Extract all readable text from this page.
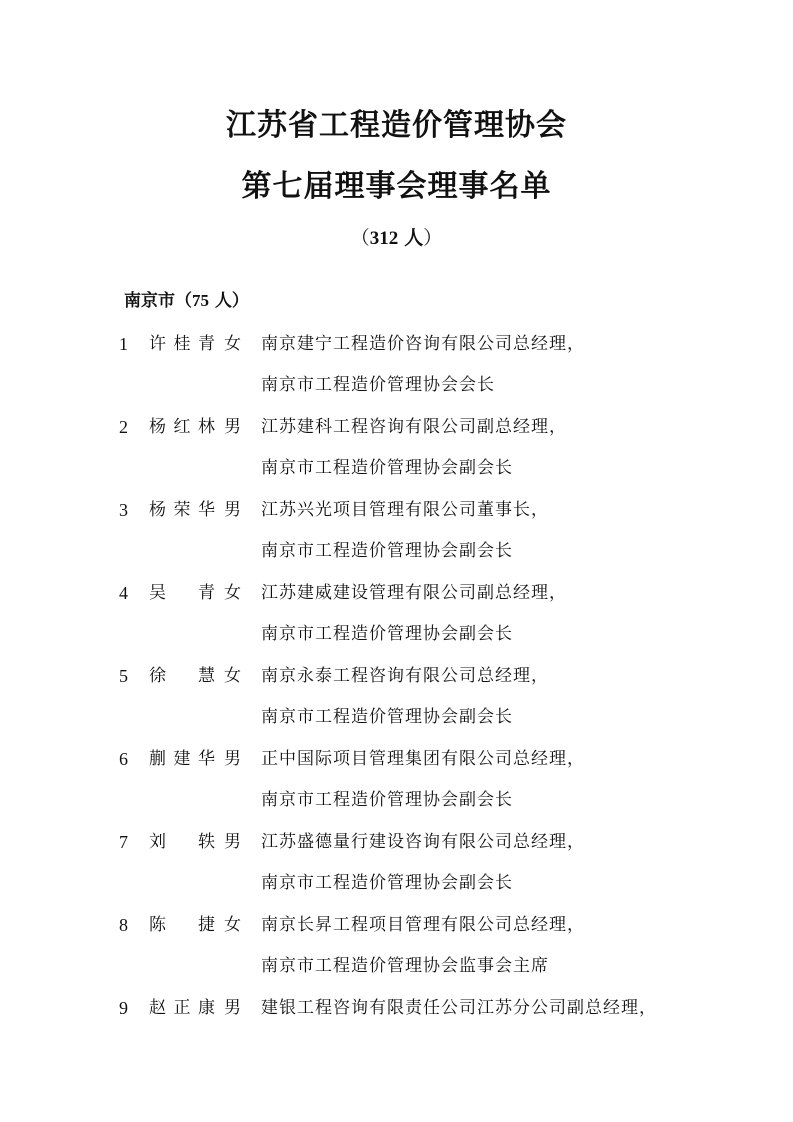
江苏省工程造价管理协会
第七届理事会理事名单
（312 人）
南京市（75 人）
1	许桂青 女 南京建宁工程造价咨询有限公司总经理，
南京市工程造价管理协会会长
2	杨红林 男 江苏建科工程咨询有限公司副总经理，
南京市工程造价管理协会副会长
3	杨荣华 男 江苏兴光项目管理有限公司董事长，
南京市工程造价管理协会副会长
4	吴青 女 江苏建威建设管理有限公司副总经理，
南京市工程造价管理协会副会长
5	徐慧 女 南京永泰工程咨询有限公司总经理，
南京市工程造价管理协会副会长
6	蒯建华 男 正中国际项目管理集团有限公司总经理，
南京市工程造价管理协会副会长
7	刘轶 男 江苏盛德量行建设咨询有限公司总经理，
南京市工程造价管理协会副会长
8	陈捷 女 南京长昇工程项目管理有限公司总经理，
南京市工程造价管理协会监事会主席
9	赵正康 男 建银工程咨询有限责任公司江苏分公司副总经理，
